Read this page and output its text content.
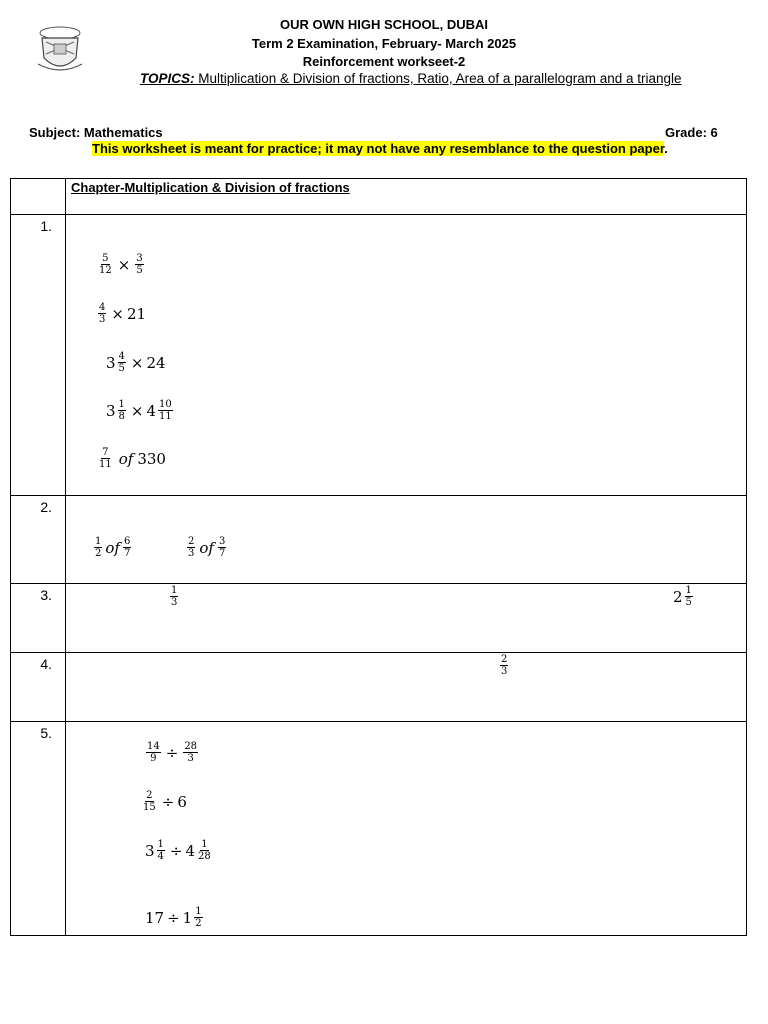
OUR OWN HIGH SCHOOL, DUBAI
Term 2 Examination, February- March 2025
Reinforcement workseet-2
TOPICS: Multiplication & Division of fractions, Ratio, Area of a parallelogram and a triangle
Subject: Mathematics	Grade: 6
This worksheet is meant for practice; it may not have any resemblance to the question paper.
Chapter-Multiplication & Division of fractions
1.
$\frac{5}{12} \times \frac{3}{5}$
$\frac{4}{3} \times 21$
$3 \frac{4}{5} \times 24$
$3 \frac{1}{8} \times 4 \frac{10}{11}$
$\frac{7}{11}$ of 330
2.
$\frac{1}{2}$ of $\frac{6}{7}$	$\frac{2}{3}$ of $\frac{3}{7}$
3.	$\frac{1}{3}$	$2 \frac{1}{5}$
4.	$\frac{2}{3}$
5.
$\frac{14}{9} \div \frac{28}{3}$
$\frac{2}{15} \div 6$
$3 \frac{1}{4} \div 4 \frac{1}{28}$
$17 \div 1 \frac{1}{2}$
